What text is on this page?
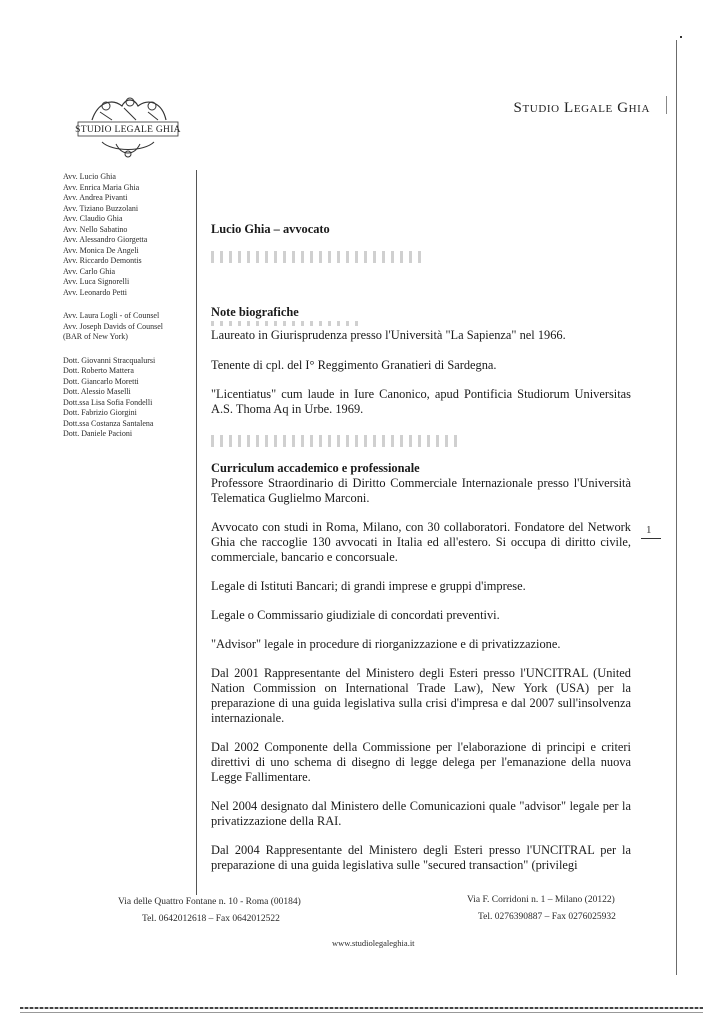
STUDIO LEGALE GHIA
Studio Legale Ghia
Avv. Lucio Ghia
Avv. Enrica Maria Ghia
Avv. Andrea Pivanti
Avv. Tiziano Buzzolani
Avv. Claudio Ghia
Avv. Nello Sabatino
Avv. Alessandro Giorgetta
Avv. Monica De Angeli
Avv. Riccardo Demontis
Avv. Carlo Ghia
Avv. Luca Signorelli
Avv. Leonardo Petti
Avv. Laura Logli - of Counsel
Avv. Joseph Davids of Counsel
(BAR of New York)
Dott. Giovanni Stracqualursi
Dott. Roberto Mattera
Dott. Giancarlo Moretti
Dott. Alessio Maselli
Dott.ssa Lisa Sofia Fondelli
Dott. Fabrizio Giorgini
Dott.ssa Costanza Santalena
Dott. Daniele Pacioni
Lucio Ghia – avvocato
Note biografiche

Laureato in Giurisprudenza presso l'Università "La Sapienza" nel 1966.

Tenente di cpl. del I° Reggimento Granatieri di Sardegna.

"Licentiatus" cum laude in Iure Canonico, apud Pontificia Studiorum Universitas A.S. Thoma Aq in Urbe. 1969.

Curriculum accademico e professionale

Professore Straordinario di Diritto Commerciale Internazionale presso l'Università Telematica Guglielmo Marconi.

Avvocato con studi in Roma, Milano, con 30 collaboratori. Fondatore del Network Ghia che raccoglie 130 avvocati in Italia ed all'estero. Si occupa di diritto civile, commerciale, bancario e concorsuale.

Legale di Istituti Bancari; di grandi imprese e gruppi d'imprese.

Legale o Commissario giudiziale di concordati preventivi.

"Advisor" legale in procedure di riorganizzazione e di privatizzazione.

Dal 2001 Rappresentante del Ministero degli Esteri presso l'UNCITRAL (United Nation Commission on International Trade Law), New York (USA) per la preparazione di una guida legislativa sulla crisi d'impresa e dal 2007 sull'insolvenza internazionale.

Dal 2002 Componente della Commissione per l'elaborazione di principi e criteri direttivi di uno schema di disegno di legge delega per l'emanazione della nuova Legge Fallimentare.

Nel 2004 designato dal Ministero delle Comunicazioni quale "advisor" legale per la privatizzazione della RAI.

Dal 2004 Rappresentante del Ministero degli Esteri presso l'UNCITRAL per la preparazione di una guida legislativa sulle "secured transaction" (privilegi

1
Via delle Quattro Fontane n. 10 - Roma (00184)
Tel. 0642012618 – Fax 0642012522
Via F. Corridoni n. 1 – Milano (20122)
Tel. 0276390887 – Fax 0276025932
www.studiolegaleghia.it
